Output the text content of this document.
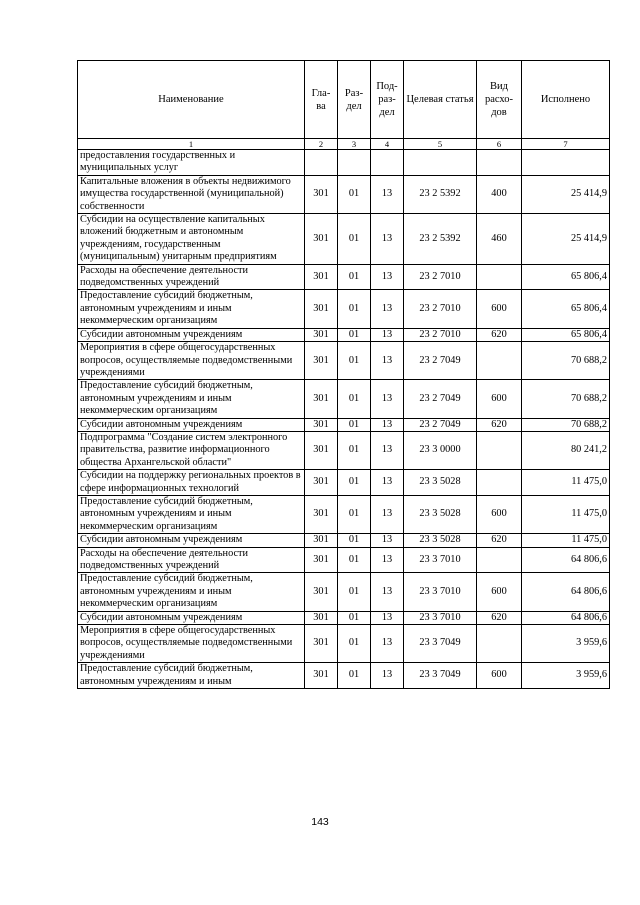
Наименование	Гла-ва	Раз-дел	Под-раз-дел	Целевая статья	Вид расхо-дов	Исполнено
1	2	3	4	5	6	7
предоставления государственных и муниципальных услуг						
Капитальные вложения в объекты недвижимого имущества государственной (муниципальной) собственности	301	01	13	23 2 5392	400	25 414,9
Субсидии на осуществление капитальных вложений бюджетным и автономным учреждениям, государственным (муниципальным) унитарным предприятиям	301	01	13	23 2 5392	460	25 414,9
Расходы на обеспечение деятельности подведомственных учреждений	301	01	13	23 2 7010		65 806,4
Предоставление субсидий бюджетным, автономным учреждениям и иным некоммерческим организациям	301	01	13	23 2 7010	600	65 806,4
Субсидии автономным учреждениям	301	01	13	23 2 7010	620	65 806,4
Мероприятия в сфере общегосударственных вопросов, осуществляемые подведомственными учреждениями	301	01	13	23 2 7049		70 688,2
Предоставление субсидий бюджетным, автономным учреждениям и иным некоммерческим организациям	301	01	13	23 2 7049	600	70 688,2
Субсидии автономным учреждениям	301	01	13	23 2 7049	620	70 688,2
Подпрограмма "Создание систем электронного правительства, развитие информационного общества Архангельской области"	301	01	13	23 3 0000		80 241,2
Субсидии на поддержку региональных проектов в сфере информационных технологий	301	01	13	23 3 5028		11 475,0
Предоставление субсидий бюджетным, автономным учреждениям и иным некоммерческим организациям	301	01	13	23 3 5028	600	11 475,0
Субсидии автономным учреждениям	301	01	13	23 3 5028	620	11 475,0
Расходы на обеспечение деятельности подведомственных учреждений	301	01	13	23 3 7010		64 806,6
Предоставление субсидий бюджетным, автономным учреждениям и иным некоммерческим организациям	301	01	13	23 3 7010	600	64 806,6
Субсидии автономным учреждениям	301	01	13	23 3 7010	620	64 806,6
Мероприятия в сфере общегосударственных вопросов, осуществляемые подведомственными учреждениями	301	01	13	23 3 7049		3 959,6
Предоставление субсидий бюджетным, автономным учреждениям и иным	301	01	13	23 3 7049	600	3 959,6
143
